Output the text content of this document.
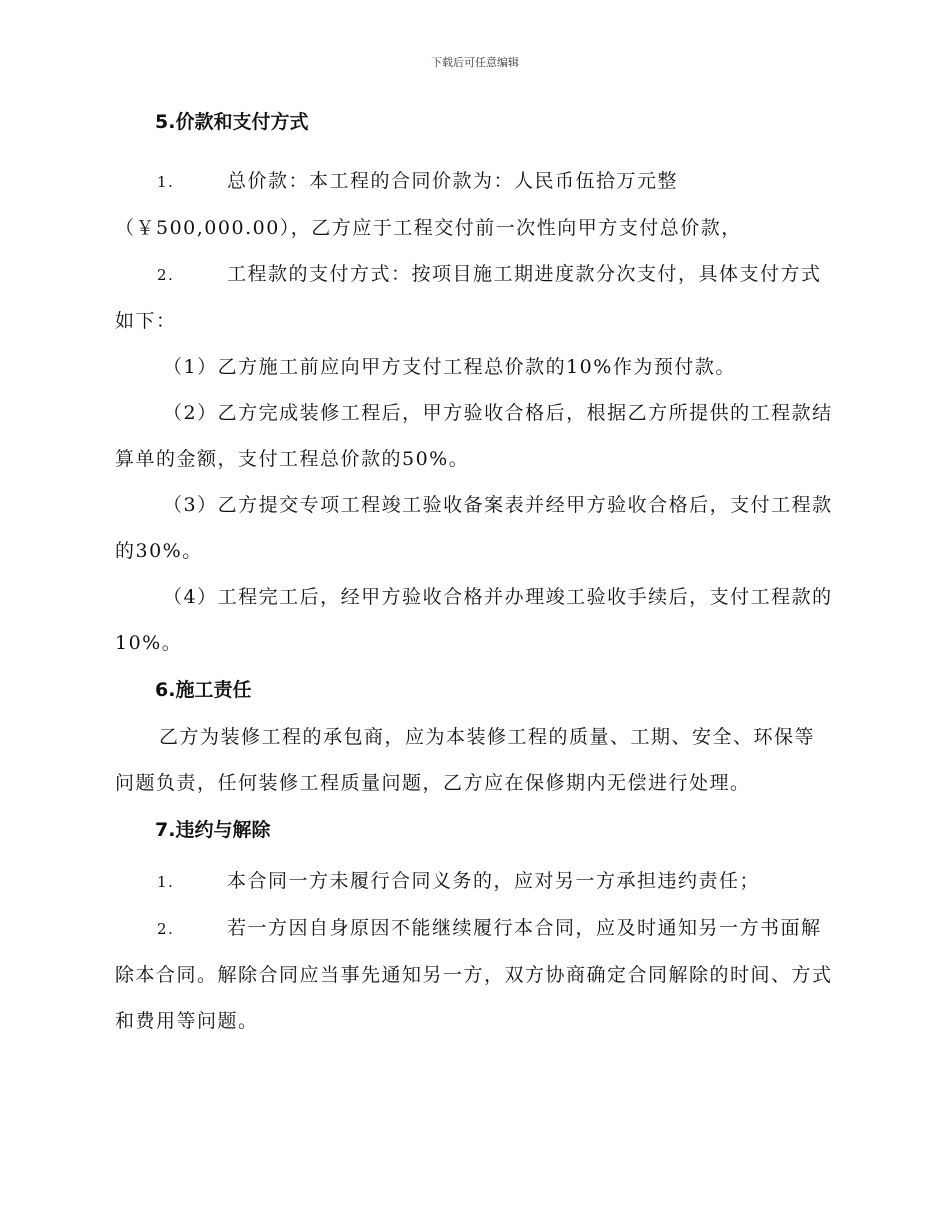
下载后可任意编辑
5.价款和支付方式

1.	总价款：本工程的合同价款为：人民币伍拾万元整（￥500,000.00），乙方应于工程交付前一次性向甲方支付总价款，

2.	工程款的支付方式：按项目施工期进度款分次支付，具体支付方式如下：

（1）乙方施工前应向甲方支付工程总价款的10%作为预付款。

（2）乙方完成装修工程后，甲方验收合格后，根据乙方所提供的工程款结算单的金额，支付工程总价款的50%。

（3）乙方提交专项工程竣工验收备案表并经甲方验收合格后，支付工程款的30%。

（4）工程完工后，经甲方验收合格并办理竣工验收手续后，支付工程款的10%。

6.施工责任

乙方为装修工程的承包商，应为本装修工程的质量、工期、安全、环保等问题负责，任何装修工程质量问题，乙方应在保修期内无偿进行处理。

7.违约与解除

1.	本合同一方未履行合同义务的，应对另一方承担违约责任；

2.	若一方因自身原因不能继续履行本合同，应及时通知另一方书面解除本合同。解除合同应当事先通知另一方，双方协商确定合同解除的时间、方式和费用等问题。
